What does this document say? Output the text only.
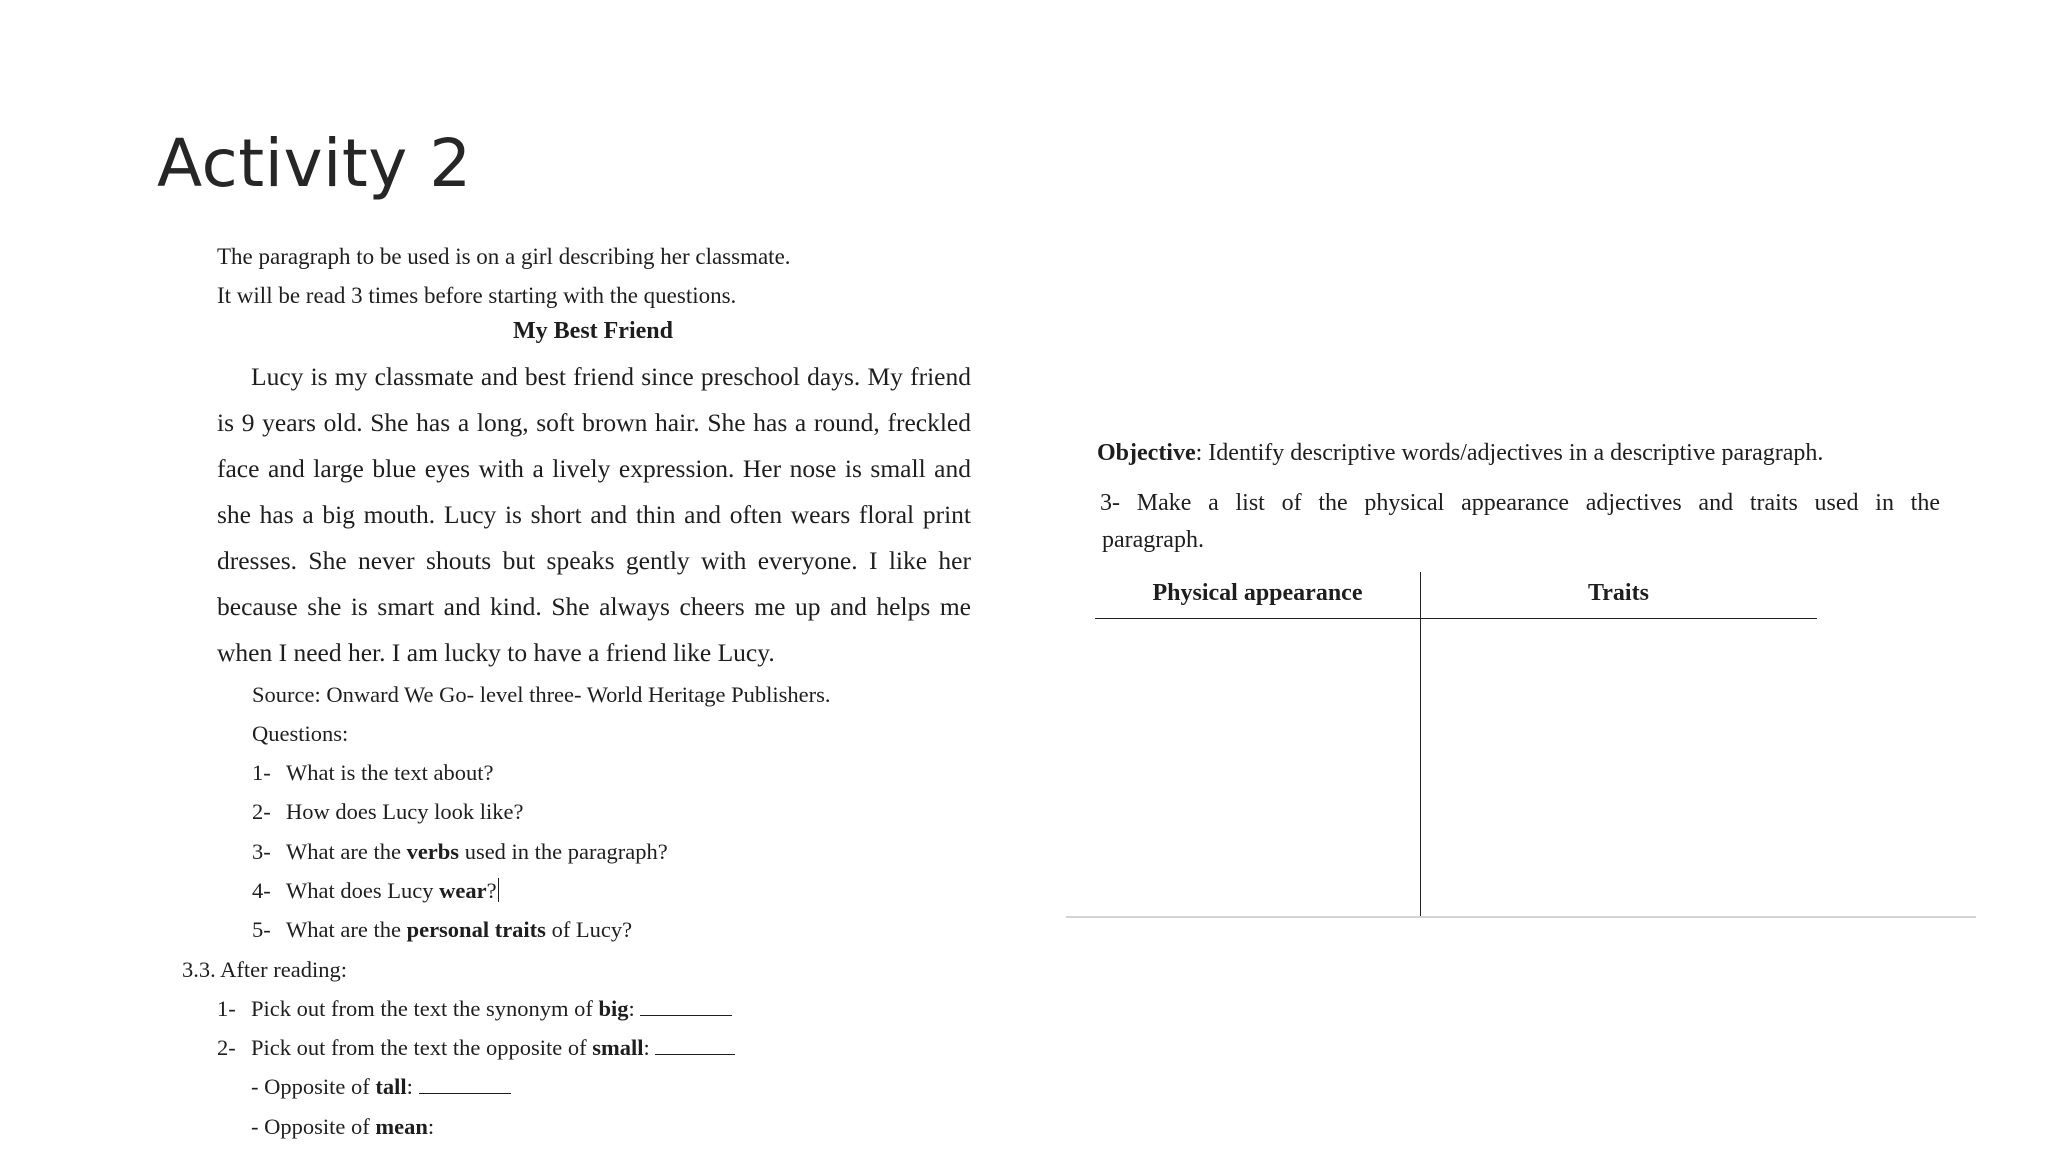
Activity 2
The paragraph to be used is on a girl describing her classmate.
It will be read 3 times before starting with the questions.
My Best Friend

Lucy is my classmate and best friend since preschool days. My friend is 9 years old. She has a long, soft brown hair. She has a round, freckled face and large blue eyes with a lively expression. Her nose is small and she has a big mouth. Lucy is short and thin and often wears floral print dresses. She never shouts but speaks gently with everyone. I like her because she is smart and kind. She always cheers me up and helps me when I need her. I am lucky to have a friend like Lucy.

Source: Onward We Go- level three- World Heritage Publishers.
Questions:
1- What is the text about?
2- How does Lucy look like?
3- What are the verbs used in the paragraph?
4- What does Lucy wear?
5- What are the personal traits of Lucy?
3.3. After reading:
1- Pick out from the text the synonym of big:
2- Pick out from the text the opposite of small:
- Opposite of tall:
- Opposite of mean:
Objective: Identify descriptive words/adjectives in a descriptive paragraph.

3- Make a list of the physical appearance adjectives and traits used in the

paragraph.
Physical appearance	Traits
